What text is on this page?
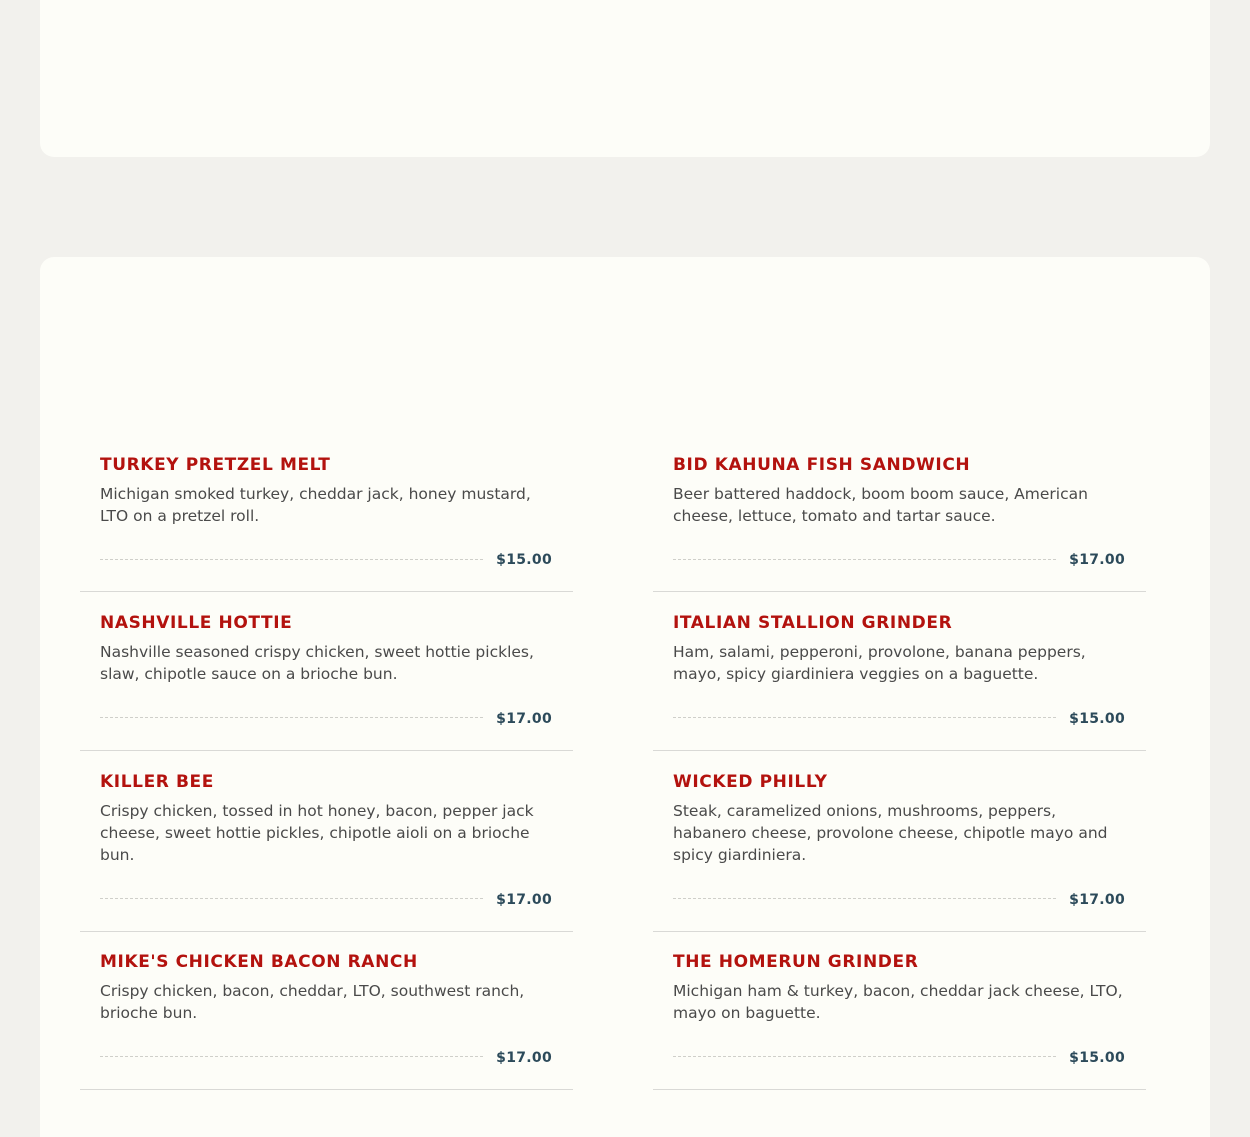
TURKEY PRETZEL MELT
Michigan smoked turkey, cheddar jack, honey mustard, LTO on a pretzel roll.
$15.00
NASHVILLE HOTTIE
Nashville seasoned crispy chicken, sweet hottie pickles, slaw, chipotle sauce on a brioche bun.
$17.00
KILLER BEE
Crispy chicken, tossed in hot honey, bacon, pepper jack cheese, sweet hottie pickles, chipotle aioli on a brioche bun.
$17.00
MIKE'S CHICKEN BACON RANCH
Crispy chicken, bacon, cheddar, LTO, southwest ranch, brioche bun.
$17.00
BID KAHUNA FISH SANDWICH
Beer battered haddock, boom boom sauce, American cheese, lettuce, tomato and tartar sauce.
$17.00
ITALIAN STALLION GRINDER
Ham, salami, pepperoni, provolone, banana peppers, mayo, spicy giardiniera veggies on a baguette.
$15.00
WICKED PHILLY
Steak, caramelized onions, mushrooms, peppers, habanero cheese, provolone cheese, chipotle mayo and spicy giardiniera.
$17.00
THE HOMERUN GRINDER
Michigan ham & turkey, bacon, cheddar jack cheese, LTO, mayo on baguette.
$15.00
